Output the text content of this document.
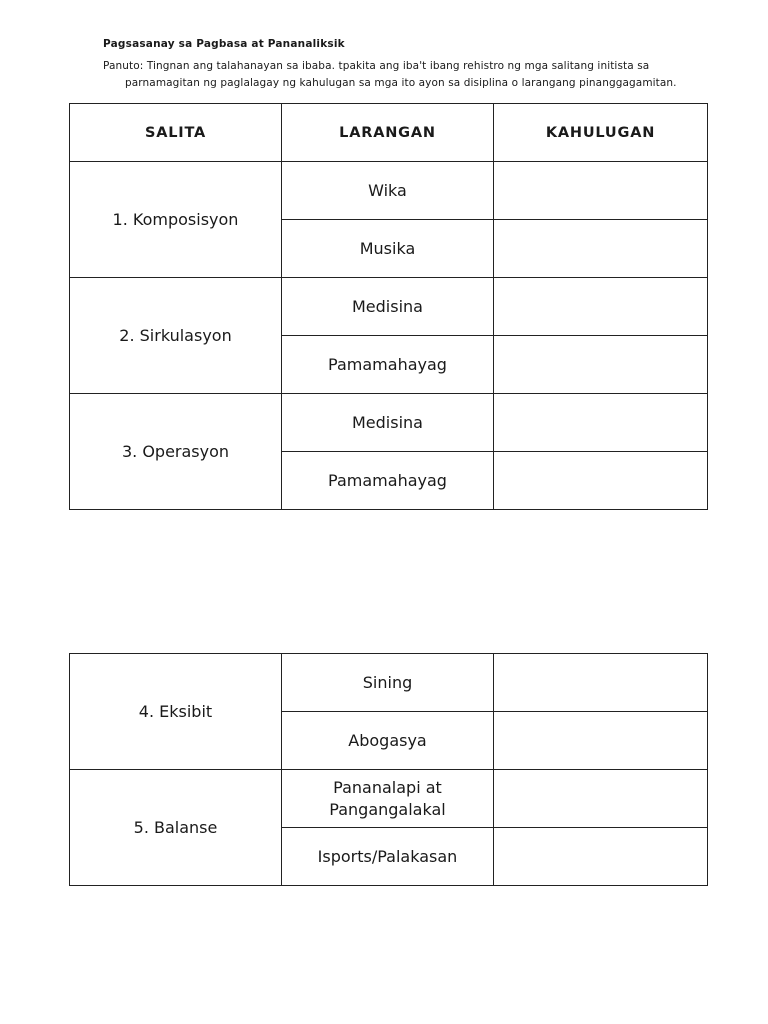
Pagsasanay sa Pagbasa at Pananaliksik
Panuto: Tingnan ang talahanayan sa ibaba. tpakita ang iba't ibang rehistro ng mga salitang initista sa
parnamagitan ng paglalagay ng kahulugan sa mga ito ayon sa disiplina o larangang pinanggagamitan.
SALITA	LARANGAN	KAHULUGAN
1. Komposisyon	Wika	
	Musika	
2. Sirkulasyon	Medisina	
	Pamamahayag	
3. Operasyon	Medisina	
	Pamamahayag	
4. Eksibit	Sining	
	Abogasya	
5. Balanse	Pananalapi at Pangangalakal	
	Isports/Palakasan	
